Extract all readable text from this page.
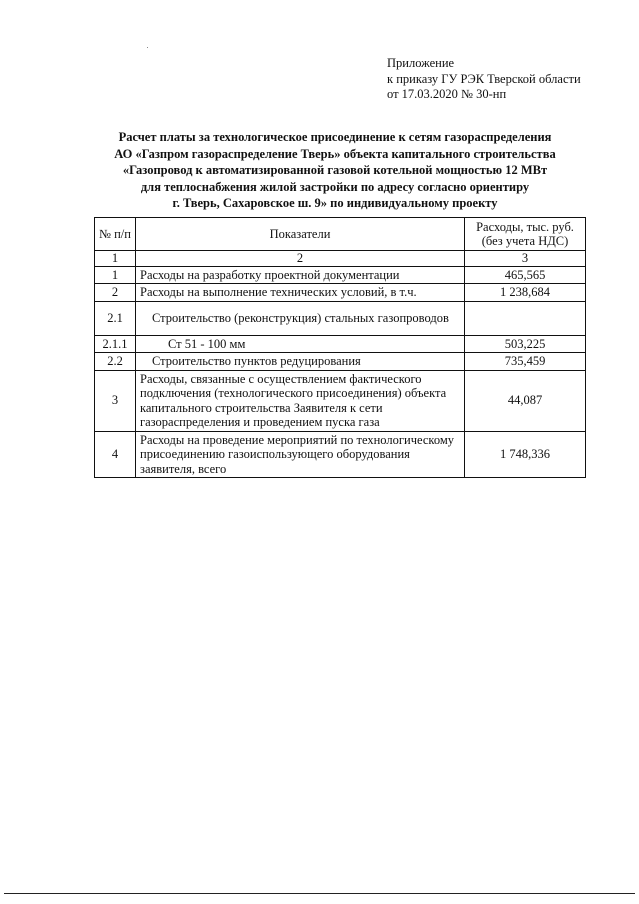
Приложение
к приказу ГУ РЭК Тверской области
от 17.03.2020 № 30-нп
Расчет платы за технологическое присоединение к сетям газораспределения
АО «Газпром газораспределение Тверь» объекта капитального строительства
«Газопровод к автоматизированной газовой котельной мощностью 12 МВт
для теплоснабжения жилой застройки по адресу согласно ориентиру
г. Тверь, Сахаровское ш. 9» по индивидуальному проекту
№ п/п	Показатели	Расходы, тыс. руб. (без учета НДС)
1	2	3
1	Расходы на разработку проектной документации	465,565
2	Расходы на выполнение технических условий, в т.ч.	1 238,684
2.1	Строительство (реконструкция) стальных газопроводов	
2.1.1	Ст 51 - 100 мм	503,225
2.2	Строительство пунктов редуцирования	735,459
3	Расходы, связанные с осуществлением фактического подключения (технологического присоединения) объекта капитального строительства Заявителя к сети газораспределения и проведением пуска газа	44,087
4	Расходы на проведение мероприятий по технологическому присоединению газоиспользующего оборудования заявителя, всего	1 748,336
